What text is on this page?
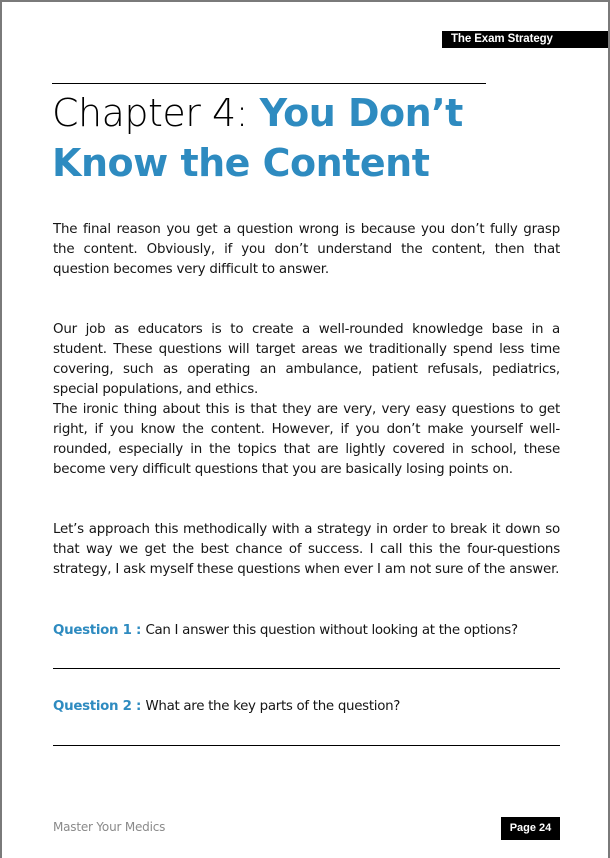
The Exam Strategy
Chapter 4: You Don’t Know the Content

The final reason you get a question wrong is because you don’t fully grasp the content. Obviously, if you don’t understand the content, then that question becomes very difficult to answer.

Our job as educators is to create a well-rounded knowledge base in a student. These questions will target areas we traditionally spend less time covering, such as operating an ambulance, patient refusals, pediatrics, special populations, and ethics.

The ironic thing about this is that they are very, very easy questions to get right, if you know the content. However, if you don’t make yourself well-rounded, especially in the topics that are lightly covered in school, these become very difficult questions that you are basically losing points on.

Let’s approach this methodically with a strategy in order to break it down so that way we get the best chance of success. I call this the four-questions strategy, I ask myself these questions when ever I am not sure of the answer.

Question 1 : Can I answer this question without looking at the options?
Question 2 : What are the key parts of the question?
Master Your Medics	Page 24
